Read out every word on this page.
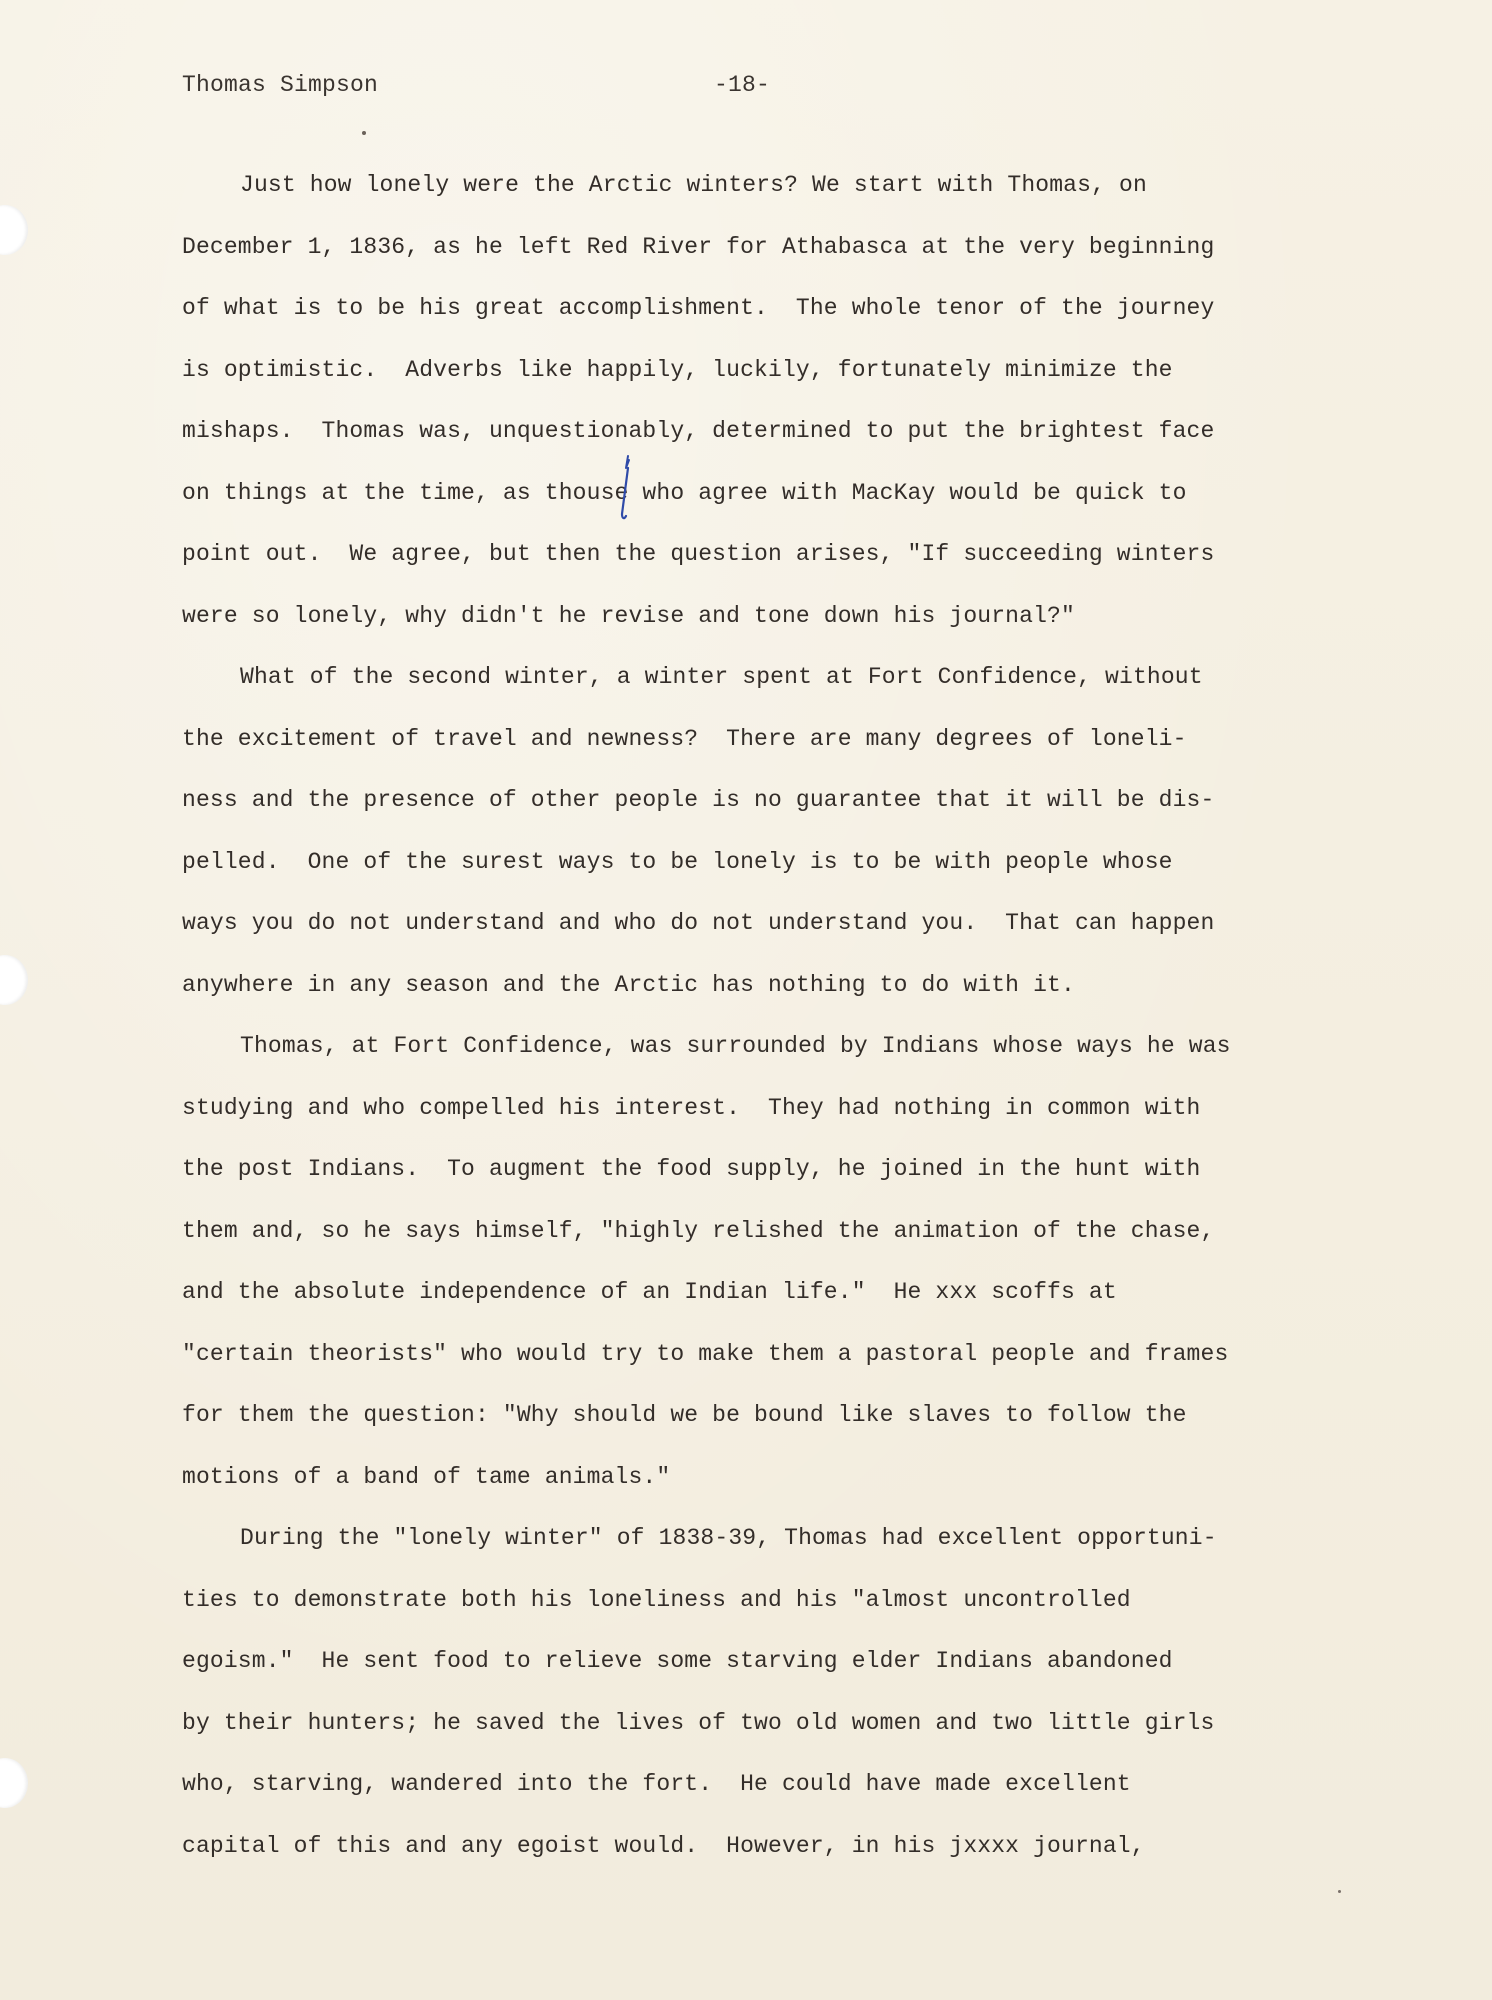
Thomas Simpson	-18-
Just how lonely were the Arctic winters? We start with Thomas, on
December 1, 1836, as he left Red River for Athabasca at the very beginning
of what is to be his great accomplishment.  The whole tenor of the journey
is optimistic.  Adverbs like happily, luckily, fortunately minimize the
mishaps.  Thomas was, unquestionably, determined to put the brightest face
on things at the time, as thouse who agree with MacKay would be quick to
point out.  We agree, but then the question arises, "If succeeding winters
were so lonely, why didn't he revise and tone down his journal?"
What of the second winter, a winter spent at Fort Confidence, without
the excitement of travel and newness?  There are many degrees of loneli-
ness and the presence of other people is no guarantee that it will be dis-
pelled.  One of the surest ways to be lonely is to be with people whose
ways you do not understand and who do not understand you.  That can happen
anywhere in any season and the Arctic has nothing to do with it.
Thomas, at Fort Confidence, was surrounded by Indians whose ways he was
studying and who compelled his interest.  They had nothing in common with
the post Indians.  To augment the food supply, he joined in the hunt with
them and, so he says himself, "highly relished the animation of the chase,
and the absolute independence of an Indian life."  He xxx scoffs at
"certain theorists" who would try to make them a pastoral people and frames
for them the question: "Why should we be bound like slaves to follow the
motions of a band of tame animals."
During the "lonely winter" of 1838-39, Thomas had excellent opportuni-
ties to demonstrate both his loneliness and his "almost uncontrolled
egoism."  He sent food to relieve some starving elder Indians abandoned
by their hunters; he saved the lives of two old women and two little girls
who, starving, wandered into the fort.  He could have made excellent
capital of this and any egoist would.  However, in his jxxxx journal,
